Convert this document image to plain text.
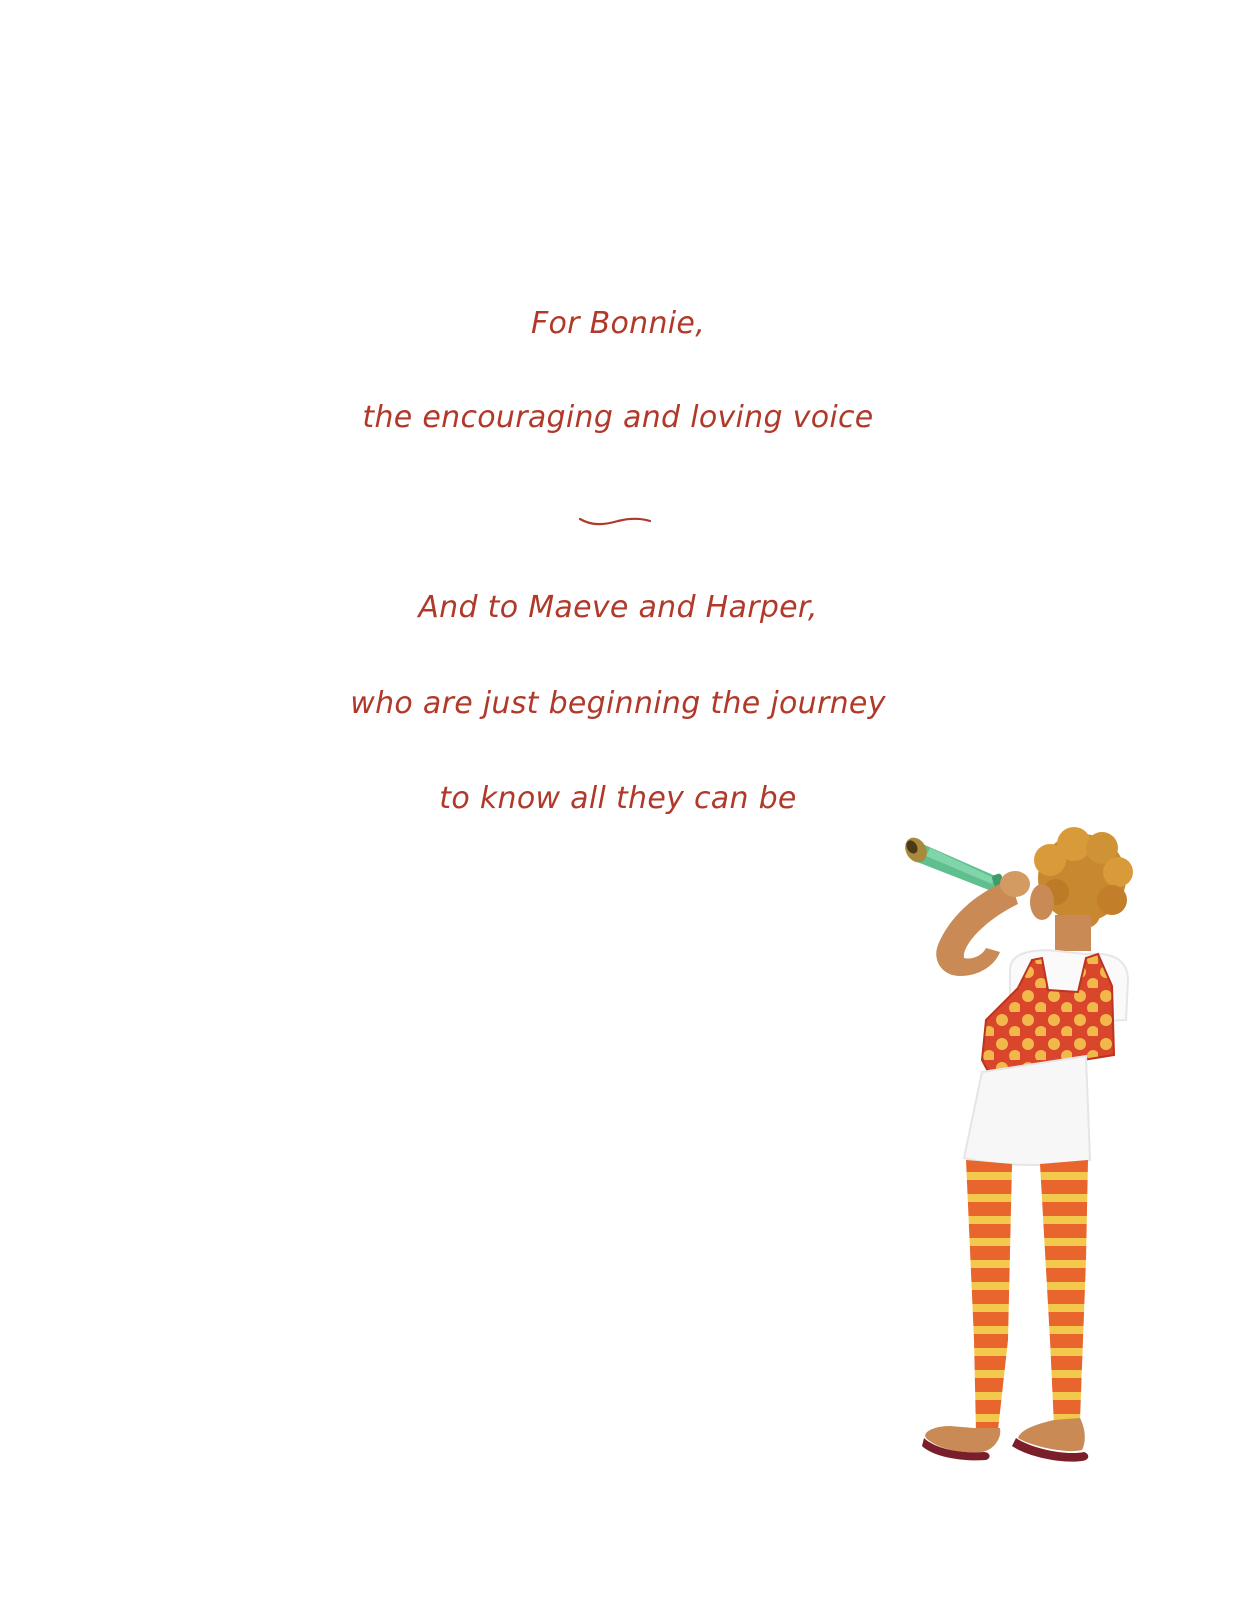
For Bonnie,
the encouraging and loving voice
And to Maeve and Harper,
who are just beginning the journey
to know all they can be
